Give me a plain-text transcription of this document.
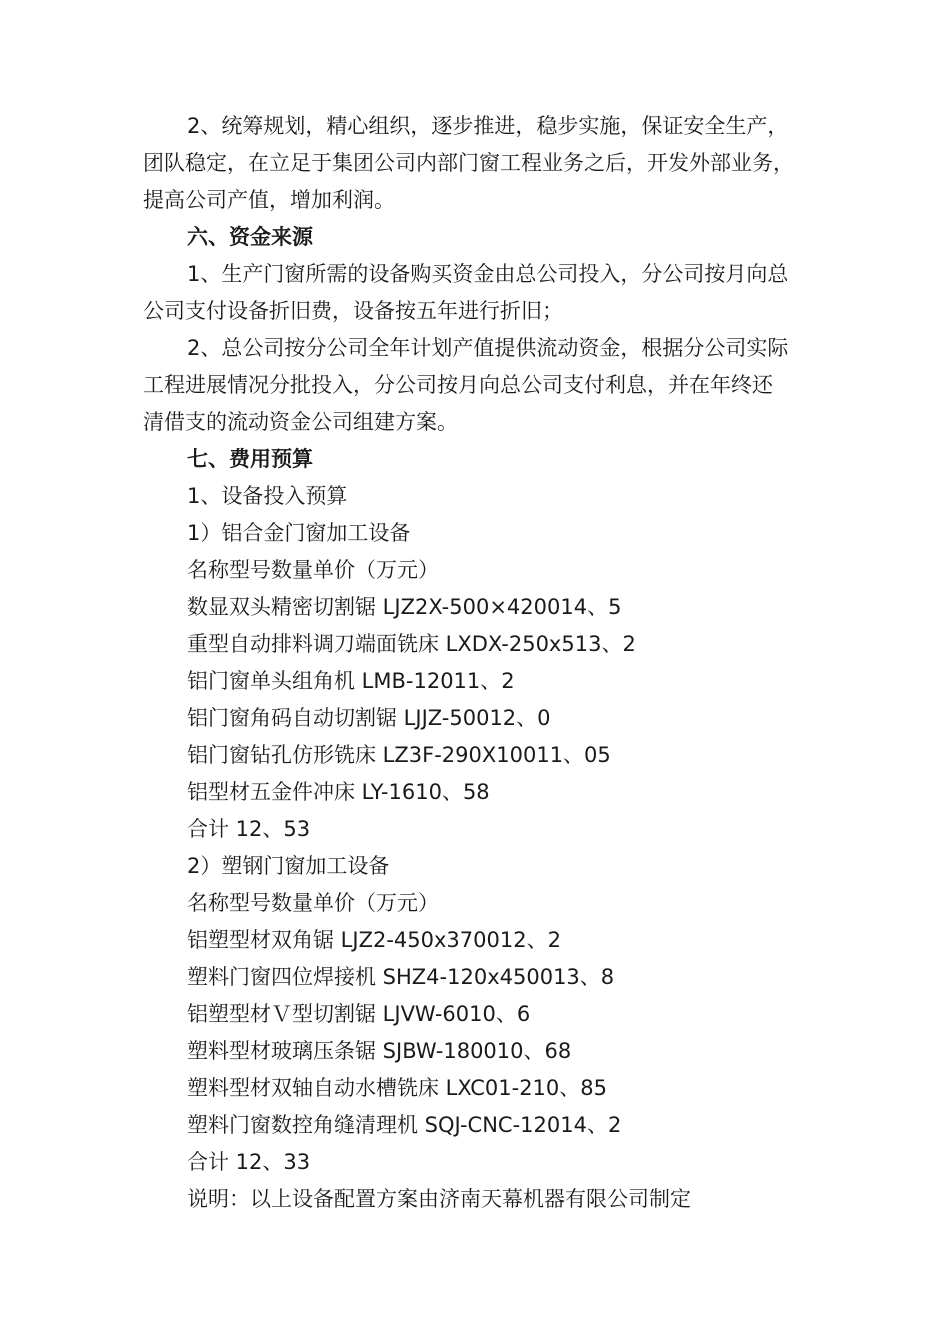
2、统筹规划，精心组织，逐步推进，稳步实施，保证安全生产，
团队稳定，在立足于集团公司内部门窗工程业务之后，开发外部业务，
提高公司产值，增加利润。
六、资金来源
1、生产门窗所需的设备购买资金由总公司投入，分公司按月向总
公司支付设备折旧费，设备按五年进行折旧；
2、总公司按分公司全年计划产值提供流动资金，根据分公司实际
工程进展情况分批投入，分公司按月向总公司支付利息，并在年终还
清借支的流动资金公司组建方案。
七、费用预算
1、设备投入预算
1）铝合金门窗加工设备
名称型号数量单价（万元）
数显双头精密切割锯 LJZ2X-500×420014、5
重型自动排料调刀端面铣床 LXDX-250x513、2
铝门窗单头组角机 LMB-12011、2
铝门窗角码自动切割锯 LJJZ-50012、0
铝门窗钻孔仿形铣床 LZ3F-290X10011、05
铝型材五金件冲床 LY-1610、58
合计 12、53
2）塑钢门窗加工设备
名称型号数量单价（万元）
铝塑型材双角锯 LJZ2-450x370012、2
塑料门窗四位焊接机 SHZ4-120x450013、8
铝塑型材Ｖ型切割锯 LJVW-6010、6
塑料型材玻璃压条锯 SJBW-180010、68
塑料型材双轴自动水槽铣床 LXC01-210、85
塑料门窗数控角缝清理机 SQJ-CNC-12014、2
合计 12、33
说明：以上设备配置方案由济南天幕机器有限公司制定
